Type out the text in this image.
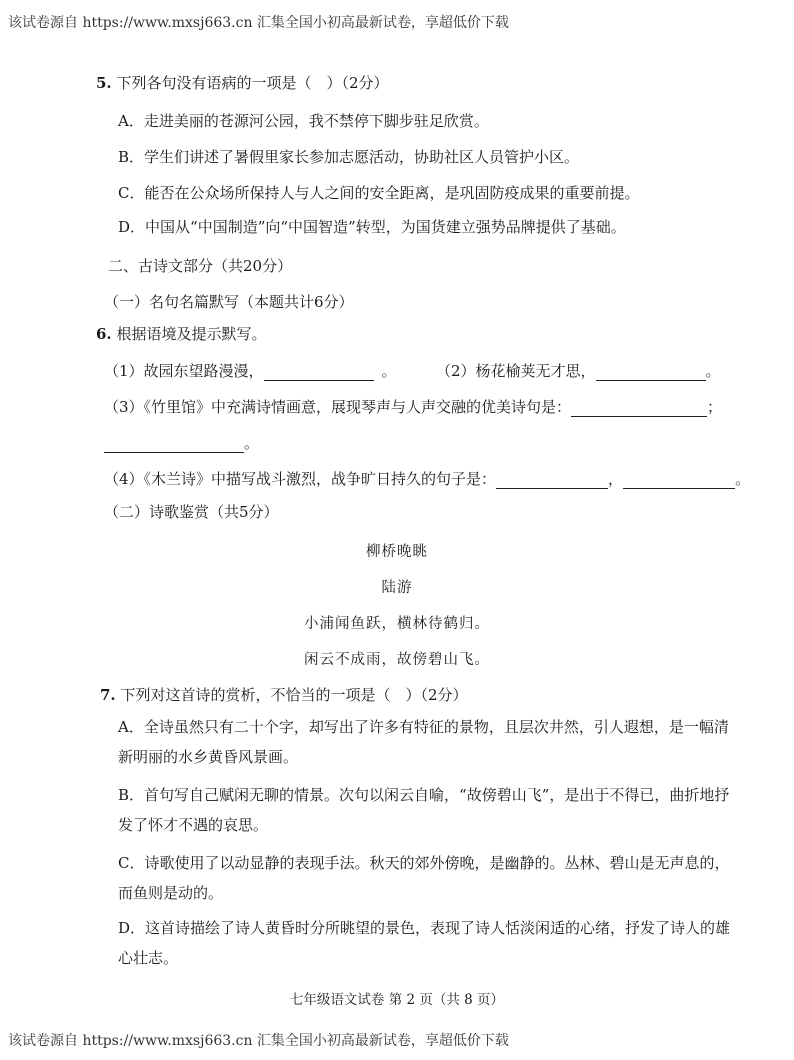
该试卷源自 https://www.mxsj663.cn 汇集全国小初高最新试卷，享超低价下载
5. 下列各句没有语病的一项是（　）（2分）
A．走进美丽的苍源河公园，我不禁停下脚步驻足欣赏。
B．学生们讲述了暑假里家长参加志愿活动，协助社区人员管护小区。
C．能否在公众场所保持人与人之间的安全距离，是巩固防疫成果的重要前提。
D．中国从“中国制造”向“中国智造”转型，为国货建立强势品牌提供了基础。
二、古诗文部分（共20分）
（一）名句名篇默写（本题共计6分）
6. 根据语境及提示默写。
（1）故园东望路漫漫，	。	（2）杨花榆荚无才思，	。
（3）《竹里馆》中充满诗情画意，展现琴声与人声交融的优美诗句是：	；
。
（4）《木兰诗》中描写战斗激烈，战争旷日持久的句子是：	，	。
（二）诗歌鉴赏（共5分）
柳桥晚眺
陆游
小浦闻鱼跃，横林待鹤归。
闲云不成雨，故傍碧山飞。
7. 下列对这首诗的赏析，不恰当的一项是（　）（2分）
A．全诗虽然只有二十个字，却写出了许多有特征的景物，且层次井然，引人遐想，是一幅清
新明丽的水乡黄昏风景画。
B．首句写自己赋闲无聊的情景。次句以闲云自喻，“故傍碧山飞”，是出于不得已，曲折地抒
发了怀才不遇的哀思。
C．诗歌使用了以动显静的表现手法。秋天的郊外傍晚，是幽静的。丛林、碧山是无声息的，
而鱼则是动的。
D．这首诗描绘了诗人黄昏时分所眺望的景色，表现了诗人恬淡闲适的心绪，抒发了诗人的雄
心壮志。
七年级语文试卷 第 2 页（共 8 页）
该试卷源自 https://www.mxsj663.cn 汇集全国小初高最新试卷，享超低价下载
